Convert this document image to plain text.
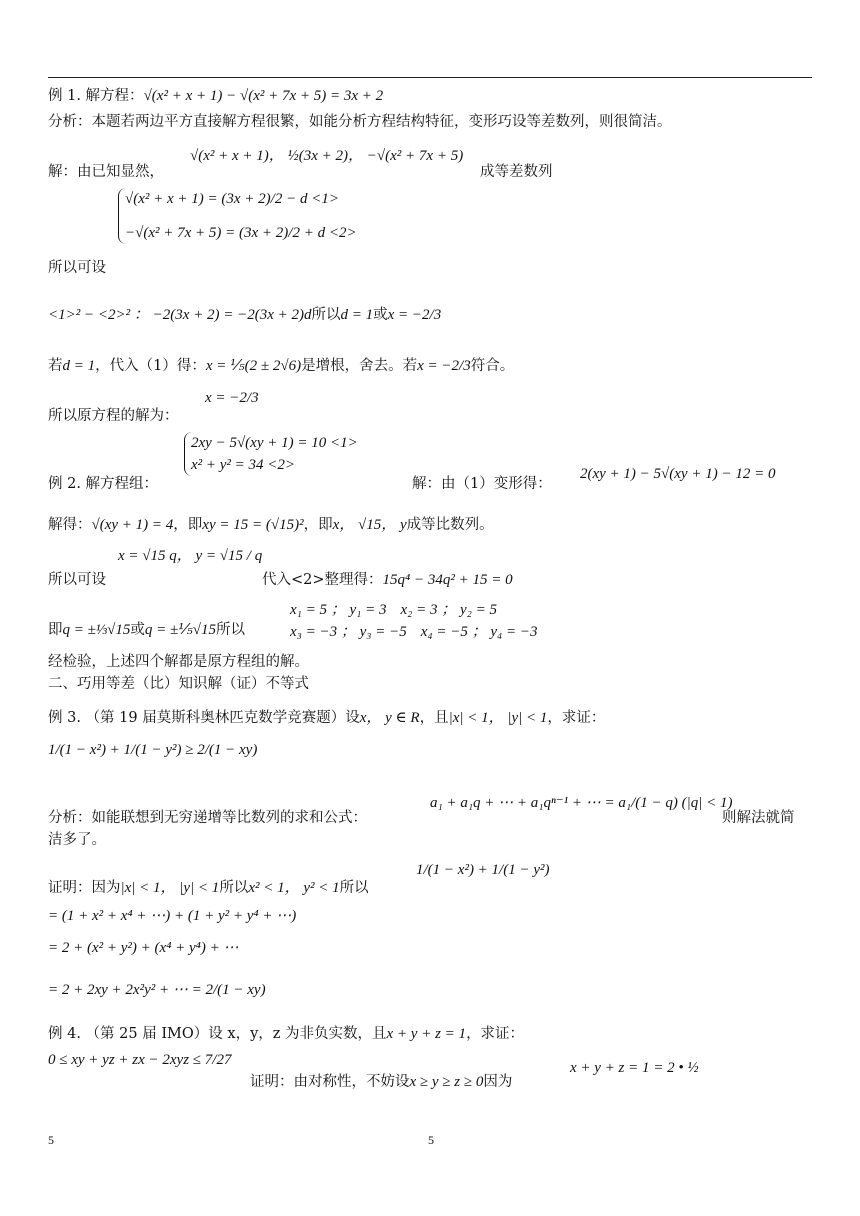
例 1. 解方程：√(x² + x + 1) − √(x² + 7x + 5) = 3x + 2
分析：本题若两边平方直接解方程很繁，如能分析方程结构特征，变形巧设等差数列，则很简洁。
解：由已知显然，
√(x² + x + 1)， ½(3x + 2)， −√(x² + 7x + 5)
成等差数列
√(x² + x + 1) = (3x + 2)/2 − d <1>
−√(x² + 7x + 5) = (3x + 2)/2 + d <2>
所以可设
<1>² − <2>² ： −2(3x + 2) = −2(3x + 2)d所以d = 1或x = −2/3
若d = 1，代入（1）得：x = ⅕(2 ± 2√6)是增根，舍去。若x = −2/3符合。
x = −2/3
所以原方程的解为：
2xy − 5√(xy + 1) = 10 <1>
x² + y² = 34 <2>
例 2. 解方程组：	解：由（1）变形得：
2(xy + 1) − 5√(xy + 1) − 12 = 0
解得：√(xy + 1) = 4，即xy = 15 = (√15)²，即x， √15， y成等比数列。
x = √15 q， y = √15 / q
所以可设	代入<2>整理得：15q⁴ − 34q² + 15 = 0
即q = ±⅓√15或q = ±⅕√15所以
x₁ = 5 ； y₁ = 3 x₂ = 3 ； y₂ = 5
x₃ = −3 ； y₃ = −5 x₄ = −5 ； y₄ = −3
经检验，上述四个解都是原方程组的解。
二、巧用等差（比）知识解（证）不等式
例 3. （第 19 届莫斯科奥林匹克数学竞赛题）设x， y ∈ R，且|x| < 1， |y| < 1，求证：
1/(1 − x²) + 1/(1 − y²) ≥ 2/(1 − xy)
a₁ + a₁q + ⋯ + a₁qⁿ⁻¹ + ⋯ = a₁/(1 − q) (|q| < 1)
分析：如能联想到无穷递增等比数列的求和公式：	则解法就简
洁多了。
1/(1 − x²) + 1/(1 − y²)
证明：因为|x| < 1， |y| < 1所以x² < 1， y² < 1所以
= (1 + x² + x⁴ + ⋯) + (1 + y² + y⁴ + ⋯)
= 2 + (x² + y²) + (x⁴ + y⁴) + ⋯
= 2 + 2xy + 2x²y² + ⋯ = 2/(1 − xy)
例 4. （第 25 届 IMO）设 x，y，z 为非负实数，且x + y + z = 1，求证：
0 ≤ xy + yz + zx − 2xyz ≤ 7/27
证明：由对称性，不妨设x ≥ y ≥ z ≥ 0因为
x + y + z = 1 = 2 • ½
5	5
